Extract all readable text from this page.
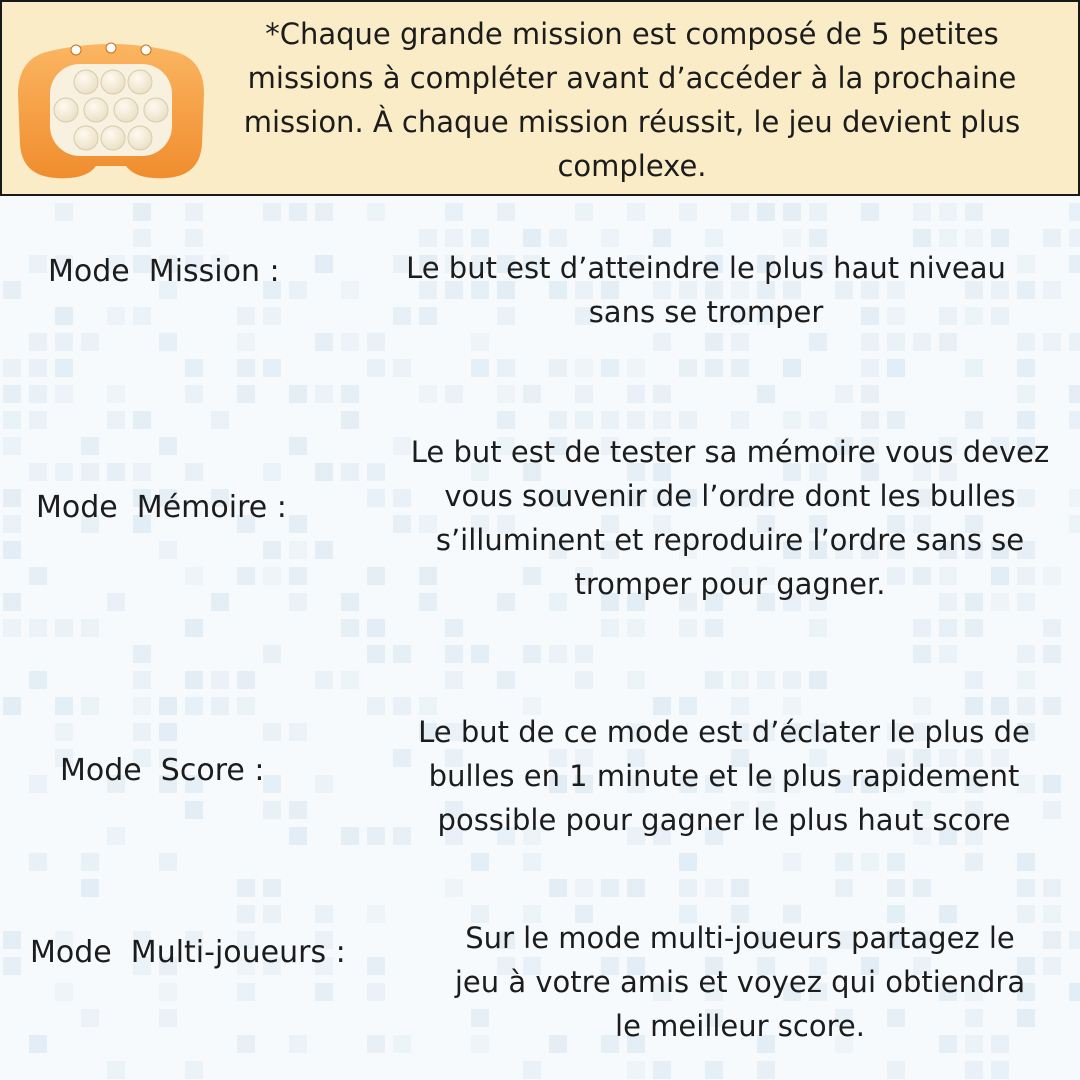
*Chaque grande mission est composé de 5 petites
missions à compléter avant d’accéder à la prochaine
mission. À chaque mission réussit, le jeu devient plus
complexe.
Mode  Mission :	Le but est d’atteindre le plus haut niveau
sans se tromper
Mode  Mémoire :
Le but est de tester sa mémoire vous devez
vous souvenir de l’ordre dont les bulles
s’illuminent et reproduire l’ordre sans se
tromper pour gagner.
Mode  Score :
Le but de ce mode est d’éclater le plus de
bulles en 1 minute et le plus rapidement
possible pour gagner le plus haut score
Mode  Multi-joueurs :	Sur le mode multi-joueurs partagez le
jeu à votre amis et voyez qui obtiendra
le meilleur score.
